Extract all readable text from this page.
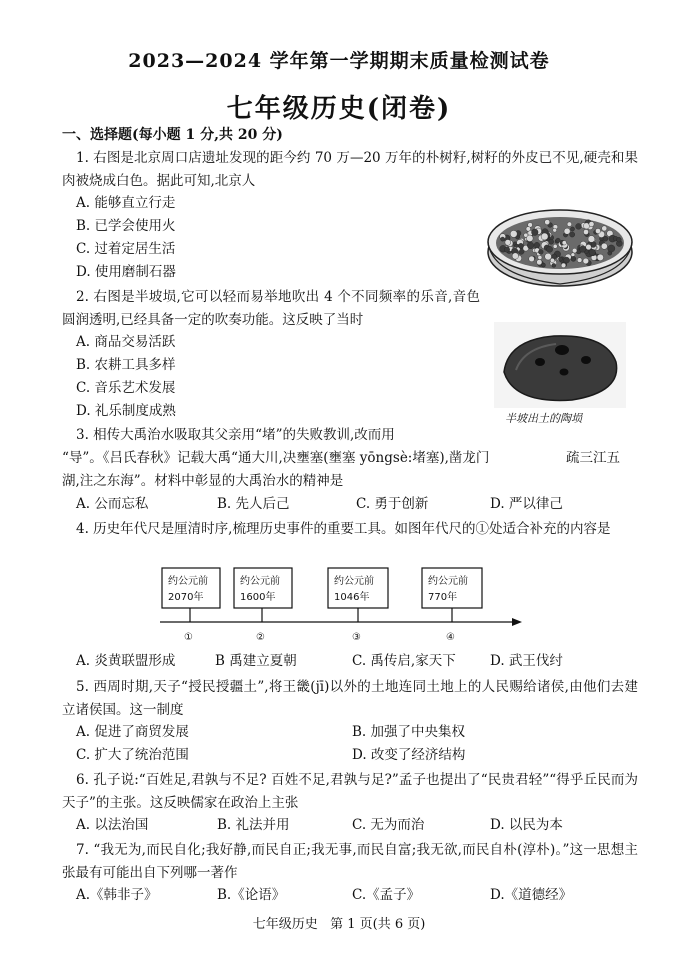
2023—2024 学年第一学期期末质量检测试卷
七年级历史(闭卷)
一、选择题(每小题 1 分,共 20 分)
1. 右图是北京周口店遗址发现的距今约 70 万—20 万年的朴树籽,树籽的外皮已不见,硬壳和果肉被烧成白色。据此可知,北京人
A. 能够直立行走
B. 已学会使用火
C. 过着定居生活
D. 使用磨制石器
2. 右图是半坡埙,它可以轻而易举地吹出 4 个不同频率的乐音,音色圆润透明,已经具备一定的吹奏功能。这反映了当时
A. 商品交易活跃
B. 农耕工具多样
C. 音乐艺术发展
D. 礼乐制度成熟	半坡出土的陶埙
3. 相传大禹治水吸取其父亲用“堵”的失败教训,改而用
“导”。《吕氏春秋》记载大禹“通大川,决壅塞(壅塞 yōngsè:堵塞),凿龙门	疏三江五
湖,注之东海”。材料中彰显的大禹治水的精神是
A. 公而忘私	B. 先人后己	C. 勇于创新	D. 严以律己
4. 历史年代尺是厘清时序,梳理历史事件的重要工具。如图年代尺的①处适合补充的内容是
约公元前
2070年
①
约公元前
1600年
②
约公元前
1046年
③
约公元前
770年
④
A. 炎黄联盟形成	B 禹建立夏朝	C. 禹传启,家天下	D. 武王伐纣
5. 西周时期,天子“授民授疆土”,将王畿(jī)以外的土地连同土地上的人民赐给诸侯,由他们去建立诸侯国。这一制度
A. 促进了商贸发展	B. 加强了中央集权
C. 扩大了统治范围	D. 改变了经济结构
6. 孔子说:“百姓足,君孰与不足? 百姓不足,君孰与足?”孟子也提出了“民贵君轻”“得乎丘民而为天子”的主张。这反映儒家在政治上主张
A. 以法治国	B. 礼法并用	C. 无为而治	D. 以民为本
7. “我无为,而民自化;我好静,而民自正;我无事,而民自富;我无欲,而民自朴(淳朴)。”这一思想主张最有可能出自下列哪一著作
A.《韩非子》	B.《论语》	C.《孟子》	D.《道德经》
七年级历史   第 1 页(共 6 页)
